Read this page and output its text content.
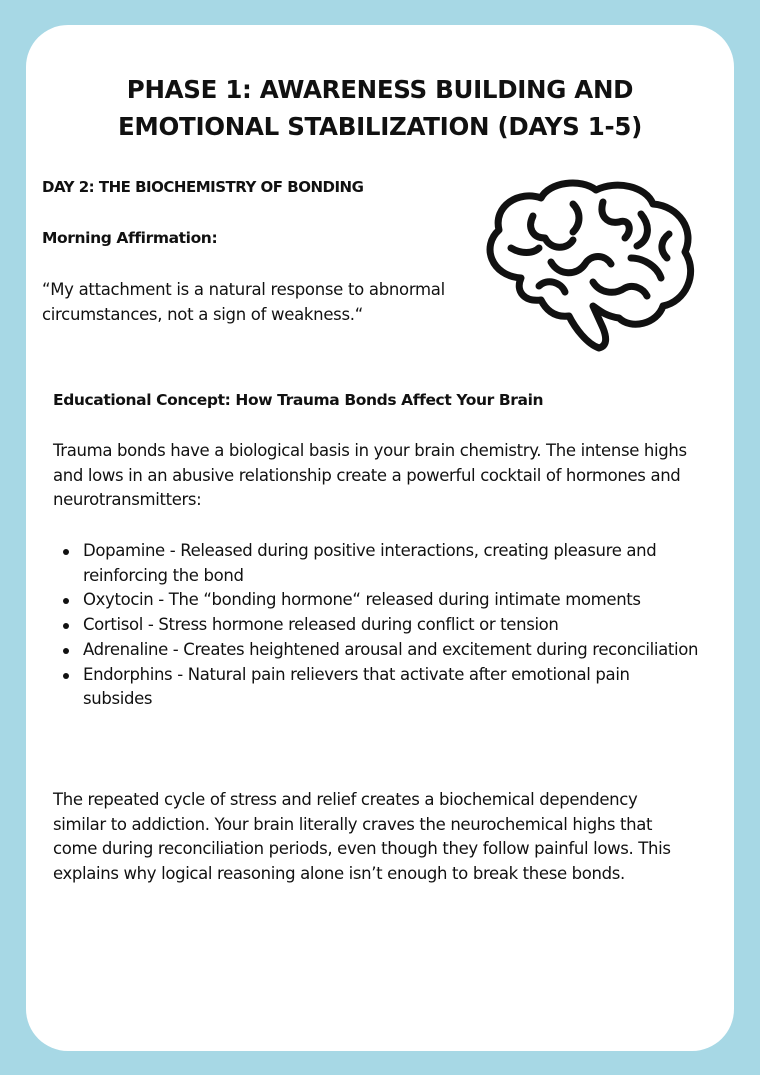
PHASE 1: AWARENESS BUILDING AND EMOTIONAL STABILIZATION (DAYS 1-5)
DAY 2: THE BIOCHEMISTRY OF BONDING
Morning Affirmation:

“My attachment is a natural response to abnormal circumstances, not a sign of weakness.“

Educational Concept: How Trauma Bonds Affect Your Brain

Trauma bonds have a biological basis in your brain chemistry. The intense highs and lows in an abusive relationship create a powerful cocktail of hormones and neurotransmitters:

Dopamine - Released during positive interactions, creating pleasure and reinforcing the bond
Oxytocin - The “bonding hormone“ released during intimate moments
Cortisol - Stress hormone released during conflict or tension
Adrenaline - Creates heightened arousal and excitement during reconciliation
Endorphins - Natural pain relievers that activate after emotional pain subsides

The repeated cycle of stress and relief creates a biochemical dependency similar to addiction. Your brain literally craves the neurochemical highs that come during reconciliation periods, even though they follow painful lows. This explains why logical reasoning alone isn’t enough to break these bonds.
